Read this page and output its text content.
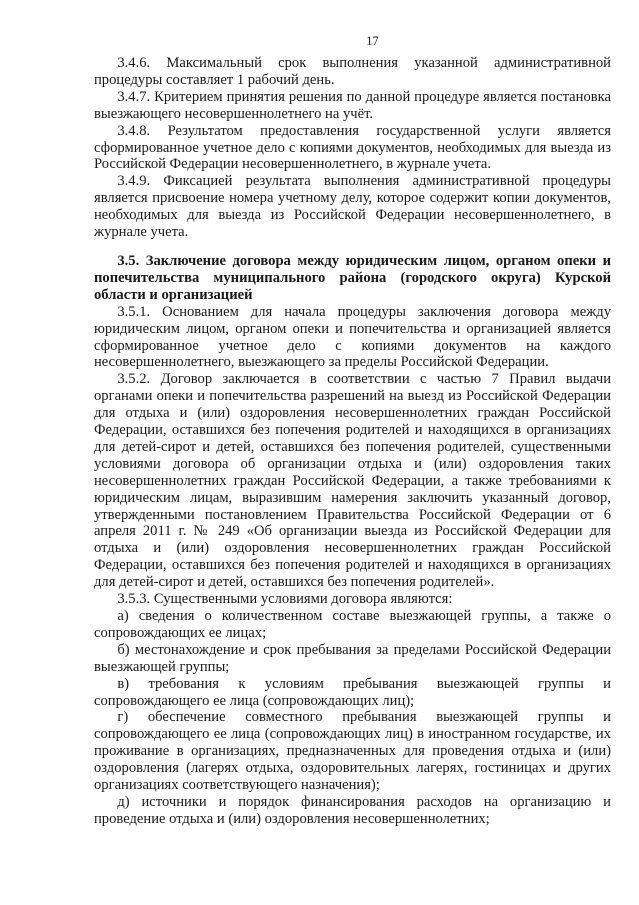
17

3.4.6. Максимальный срок выполнения указанной административной процедуры составляет 1 рабочий день.

3.4.7. Критерием принятия решения по данной процедуре является постановка выезжающего несовершеннолетнего на учёт.

3.4.8. Результатом предоставления государственной услуги является сформированное учетное дело с копиями документов, необходимых для выезда из Российской Федерации несовершеннолетнего, в журнале учета.

3.4.9. Фиксацией результата выполнения административной процедуры является присвоение номера учетному делу, которое содержит копии документов, необходимых для выезда из Российской Федерации несовершеннолетнего, в журнале учета.

3.5. Заключение договора между юридическим лицом, органом опеки и попечительства муниципального района (городского округа) Курской области и организацией

3.5.1. Основанием для начала процедуры заключения договора между юридическим лицом, органом опеки и попечительства и организацией является сформированное учетное дело с копиями документов на каждого несовершеннолетнего, выезжающего за пределы Российской Федерации.

3.5.2. Договор заключается в соответствии с частью 7 Правил выдачи органами опеки и попечительства разрешений на выезд из Российской Федерации для отдыха и (или) оздоровления несовершеннолетних граждан Российской Федерации, оставшихся без попечения родителей и находящихся в организациях для детей-сирот и детей, оставшихся без попечения родителей, существенными условиями договора об организации отдыха и (или) оздоровления таких несовершеннолетних граждан Российской Федерации, а также требованиями к юридическим лицам, выразившим намерения заключить указанный договор, утвержденными постановлением Правительства Российской Федерации от 6 апреля 2011 г. № 249 «Об организации выезда из Российской Федерации для отдыха и (или) оздоровления несовершеннолетних граждан Российской Федерации, оставшихся без попечения родителей и находящихся в организациях для детей-сирот и детей, оставшихся без попечения родителей».

3.5.3. Существенными условиями договора являются:

а) сведения о количественном составе выезжающей группы, а также о сопровождающих ее лицах;

б) местонахождение и срок пребывания за пределами Российской Федерации выезжающей группы;

в) требования к условиям пребывания выезжающей группы и сопровождающего ее лица (сопровождающих лиц);

г) обеспечение совместного пребывания выезжающей группы и сопровождающего ее лица (сопровождающих лиц) в иностранном государстве, их проживание в организациях, предназначенных для проведения отдыха и (или) оздоровления (лагерях отдыха, оздоровительных лагерях, гостиницах и других организациях соответствующего назначения);

д) источники и порядок финансирования расходов на организацию и проведение отдыха и (или) оздоровления несовершеннолетних;
